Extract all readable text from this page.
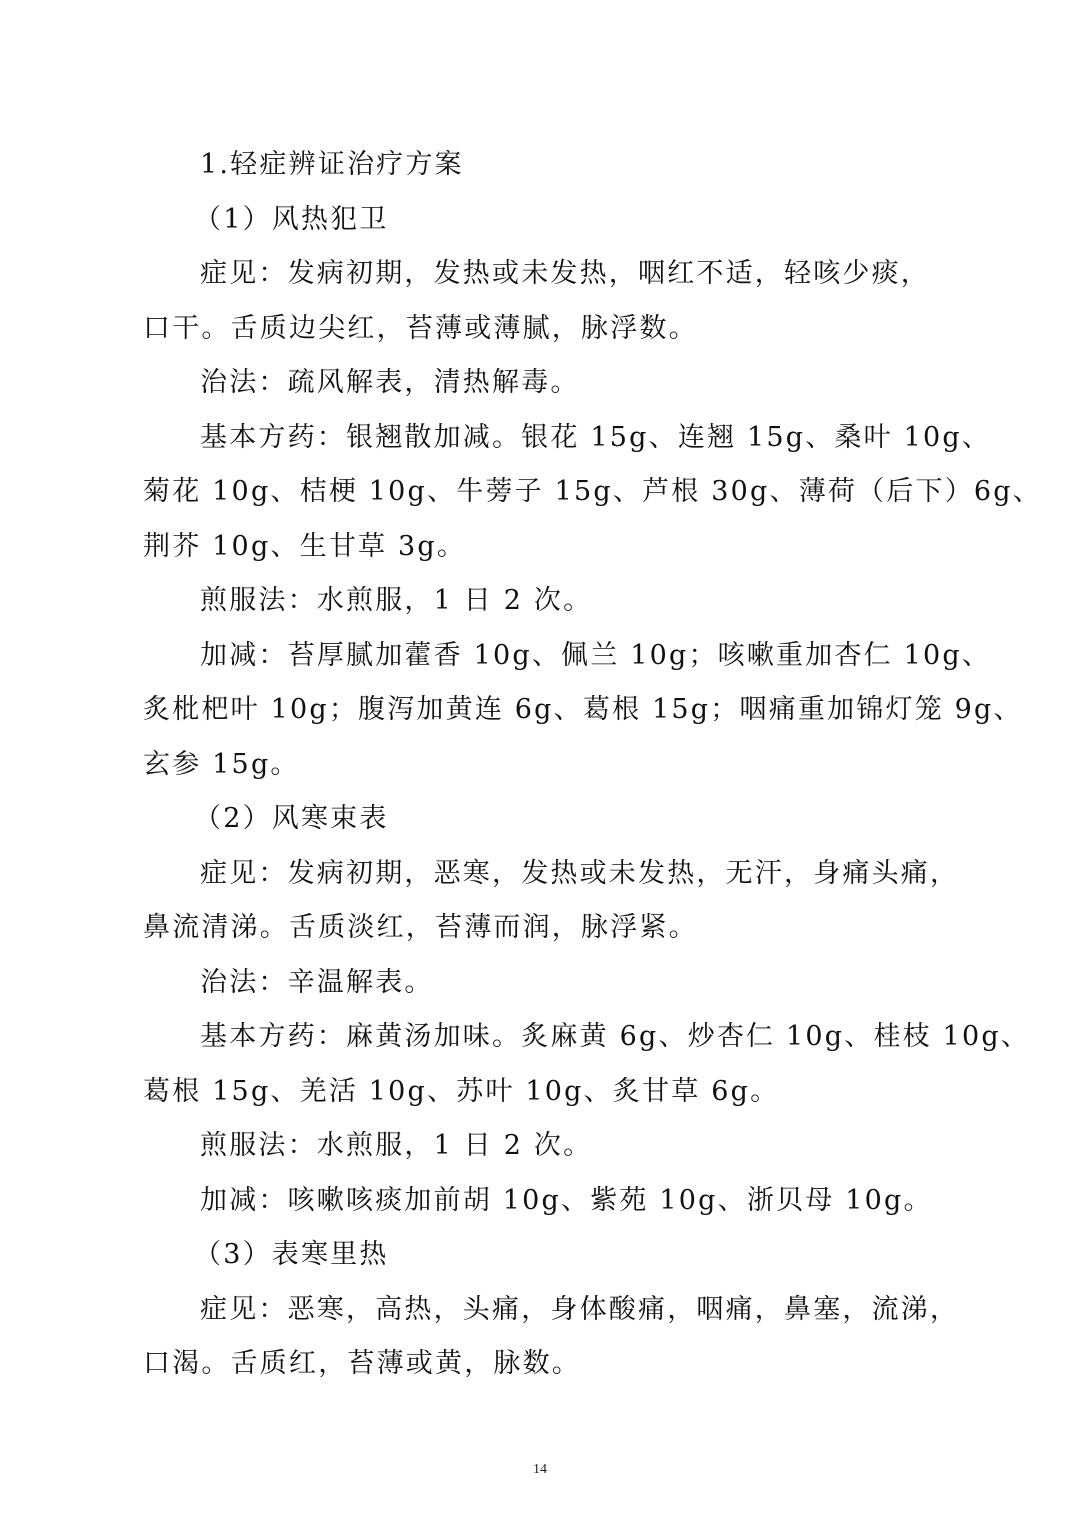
1.轻症辨证治疗方案
（1）风热犯卫
症见：发病初期，发热或未发热，咽红不适，轻咳少痰，
口干。舌质边尖红，苔薄或薄腻，脉浮数。
治法：疏风解表，清热解毒。
基本方药：银翘散加减。银花 15g、连翘 15g、桑叶 10g、
菊花 10g、桔梗 10g、牛蒡子 15g、芦根 30g、薄荷（后下）6g、
荆芥 10g、生甘草 3g。
煎服法：水煎服，1 日 2 次。
加减：苔厚腻加藿香 10g、佩兰 10g；咳嗽重加杏仁 10g、
炙枇杷叶 10g；腹泻加黄连 6g、葛根 15g；咽痛重加锦灯笼 9g、
玄参 15g。
（2）风寒束表
症见：发病初期，恶寒，发热或未发热，无汗，身痛头痛，
鼻流清涕。舌质淡红，苔薄而润，脉浮紧。
治法：辛温解表。
基本方药：麻黄汤加味。炙麻黄 6g、炒杏仁 10g、桂枝 10g、
葛根 15g、羌活 10g、苏叶 10g、炙甘草 6g。
煎服法：水煎服，1 日 2 次。
加减：咳嗽咳痰加前胡 10g、紫苑 10g、浙贝母 10g。
（3）表寒里热
症见：恶寒，高热，头痛，身体酸痛，咽痛，鼻塞，流涕，
口渴。舌质红，苔薄或黄，脉数。
14
